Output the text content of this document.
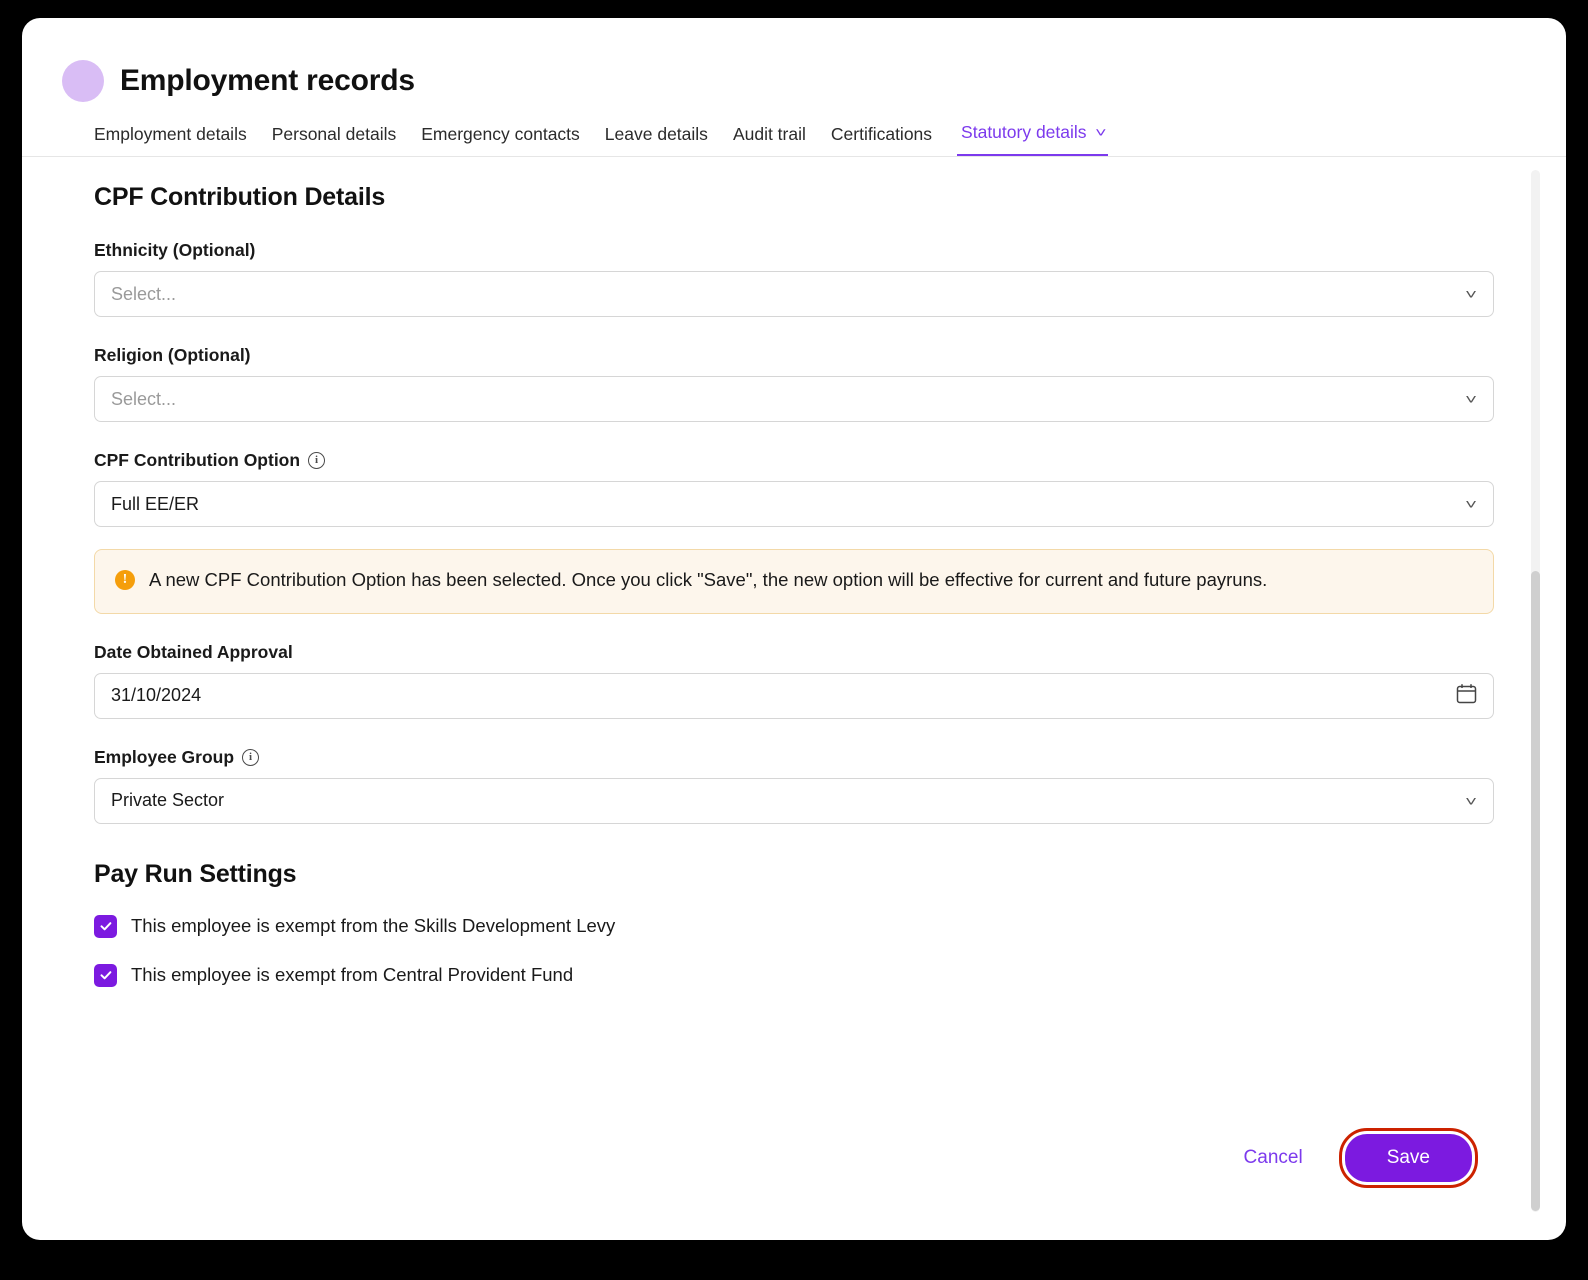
Employment records
Employment details Personal details Emergency contacts Leave details Audit trail Certifications Statutory details ˅
CPF Contribution Details
Ethnicity (Optional)
Select...	˅
Religion (Optional)
Select...	˅
CPF Contribution Option	i
Full EE/ER	˅
!	A new CPF Contribution Option has been selected. Once you click "Save", the new option will be effective for current and future payruns.
Date Obtained Approval
31/10/2024
Employee Group	i
Private Sector	˅
Pay Run Settings
This employee is exempt from the Skills Development Levy
This employee is exempt from Central Provident Fund
Cancel	Save
